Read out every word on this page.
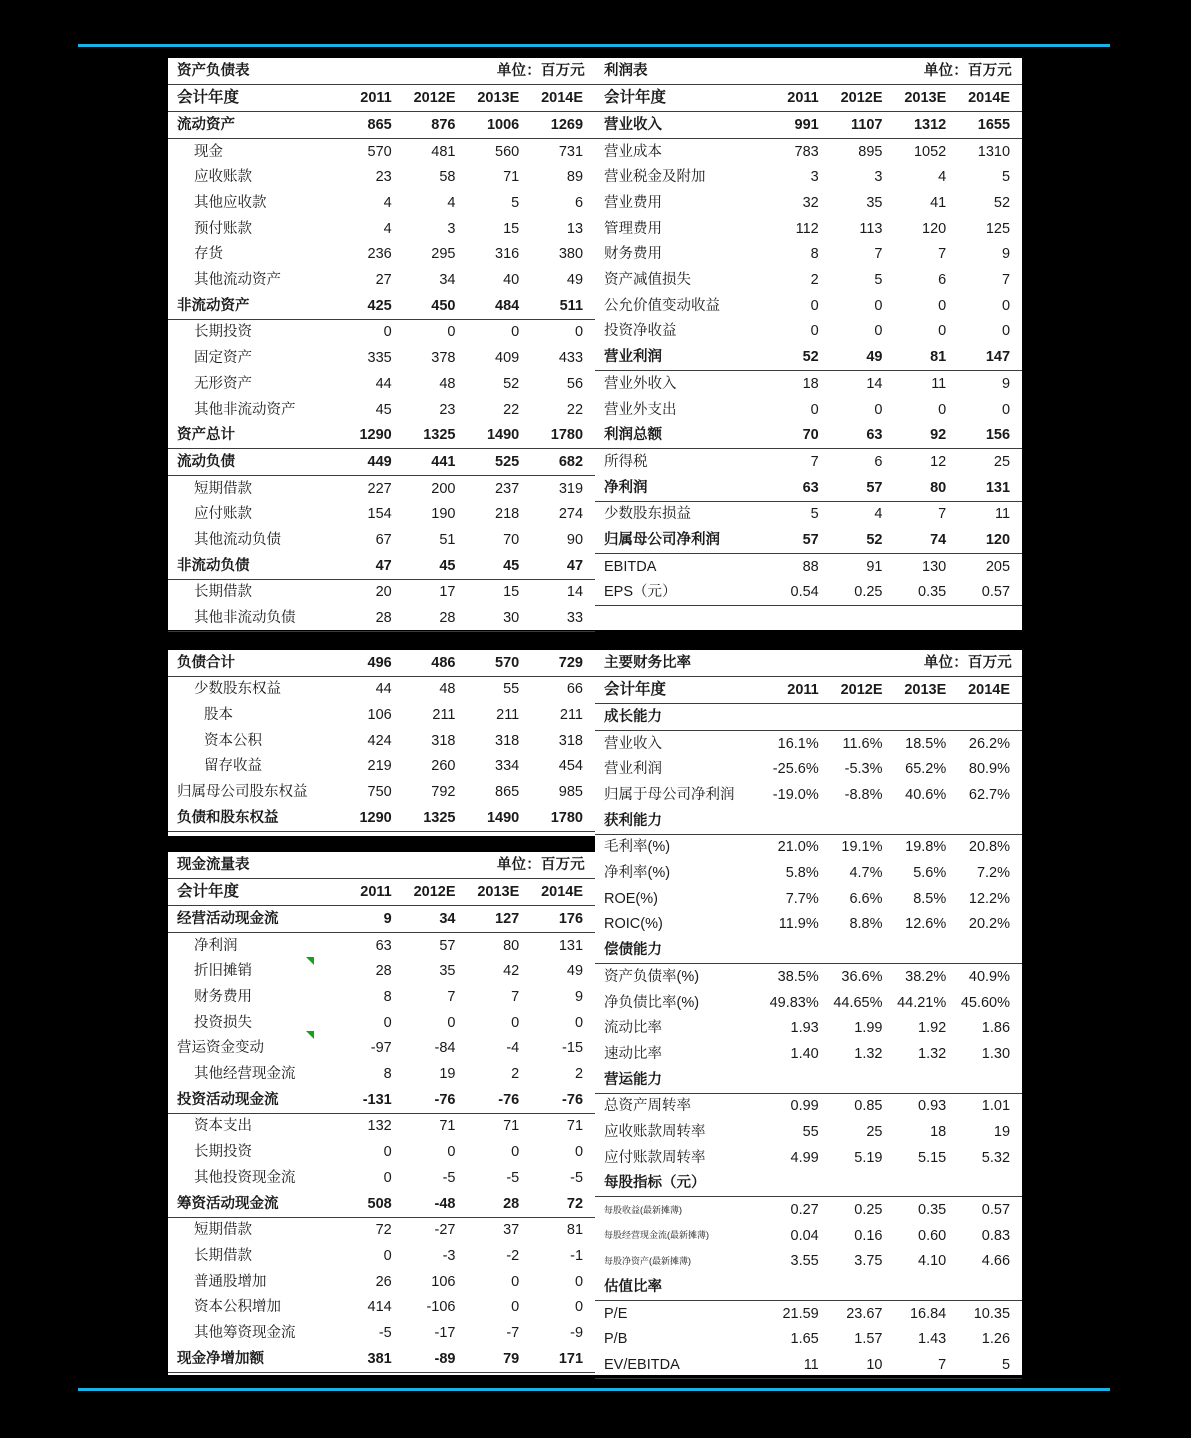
资产负债表	单位：百万元			
会计年度	2011	2012E	2013E	2014E
流动资产	865	876	1006	1269
现金	570	481	560	731
应收账款	23	58	71	89
其他应收款	4	4	5	6
预付账款	4	3	15	13
存货	236	295	316	380
其他流动资产	27	34	40	49
非流动资产	425	450	484	511
长期投资	0	0	0	0
固定资产	335	378	409	433
无形资产	44	48	52	56
其他非流动资产	45	23	22	22
资产总计	1290	1325	1490	1780
流动负债	449	441	525	682
短期借款	227	200	237	319
应付账款	154	190	218	274
其他流动负债	67	51	70	90
非流动负债	47	45	45	47
长期借款	20	17	15	14
其他非流动负债	28	28	30	33
利润表	单位：百万元			
会计年度	2011	2012E	2013E	2014E
营业收入	991	1107	1312	1655
营业成本	783	895	1052	1310
营业税金及附加	3	3	4	5
营业费用	32	35	41	52
管理费用	112	113	120	125
财务费用	8	7	7	9
资产减值损失	2	5	6	7
公允价值变动收益	0	0	0	0
投资净收益	0	0	0	0
营业利润	52	49	81	147
营业外收入	18	14	11	9
营业外支出	0	0	0	0
利润总额	70	63	92	156
所得税	7	6	12	25
净利润	63	57	80	131
少数股东损益	5	4	7	11
归属母公司净利润	57	52	74	120
EBITDA	88	91	130	205
EPS（元）	0.54	0.25	0.35	0.57
负债合计	496	486	570	729
少数股东权益	44	48	55	66
股本	106	211	211	211
资本公积	424	318	318	318
留存收益	219	260	334	454
归属母公司股东权益	750	792	865	985
负债和股东权益	1290	1325	1490	1780
现金流量表	单位：百万元			
会计年度	2011	2012E	2013E	2014E
经营活动现金流	9	34	127	176
净利润	63	57	80	131
折旧摊销	28	35	42	49
财务费用	8	7	7	9
投资损失	0	0	0	0
营运资金变动	-97	-84	-4	-15
其他经营现金流	8	19	2	2
投资活动现金流	-131	-76	-76	-76
资本支出	132	71	71	71
长期投资	0	0	0	0
其他投资现金流	0	-5	-5	-5
筹资活动现金流	508	-48	28	72
短期借款	72	-27	37	81
长期借款	0	-3	-2	-1
普通股增加	26	106	0	0
资本公积增加	414	-106	0	0
其他筹资现金流	-5	-17	-7	-9
现金净增加额	381	-89	79	171
主要财务比率	单位：百万元			
会计年度	2011	2012E	2013E	2014E
成长能力				
营业收入	16.1%	11.6%	18.5%	26.2%
营业利润	-25.6%	-5.3%	65.2%	80.9%
归属于母公司净利润	-19.0%	-8.8%	40.6%	62.7%
获利能力				
毛利率(%)	21.0%	19.1%	19.8%	20.8%
净利率(%)	5.8%	4.7%	5.6%	7.2%
ROE(%)	7.7%	6.6%	8.5%	12.2%
ROIC(%)	11.9%	8.8%	12.6%	20.2%
偿债能力				
资产负债率(%)	38.5%	36.6%	38.2%	40.9%
净负债比率(%)	49.83%	44.65%	44.21%	45.60%
流动比率	1.93	1.99	1.92	1.86
速动比率	1.40	1.32	1.32	1.30
营运能力				
总资产周转率	0.99	0.85	0.93	1.01
应收账款周转率	55	25	18	19
应付账款周转率	4.99	5.19	5.15	5.32
每股指标（元）				
每股收益(最新摊薄)	0.27	0.25	0.35	0.57
每股经营现金流(最新摊薄)	0.04	0.16	0.60	0.83
每股净资产(最新摊薄)	3.55	3.75	4.10	4.66
估值比率				
P/E	21.59	23.67	16.84	10.35
P/B	1.65	1.57	1.43	1.26
EV/EBITDA	11	10	7	5
